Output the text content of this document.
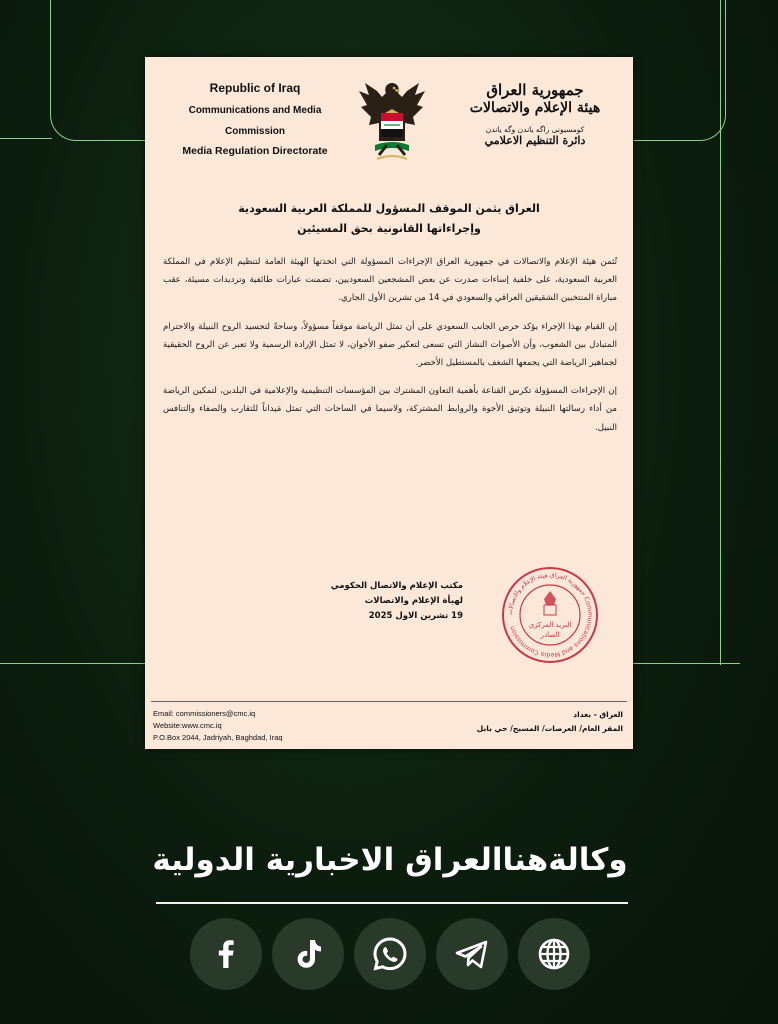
Republic of Iraq
Communications and Media
Commission
Media Regulation Directorate
جمهورية العراق
هيئة الإعلام والاتصالات
كومسيونى راگه ياندن وگه ياندن
دائرة التنظيم الاعلامي
العراق يثمن الموقف المسؤول للمملكة العربية السعودية
وإجراءاتها القانونية بحق المسيئين

تُثمن هيئة الإعلام والاتصالات في جمهورية العراق الإجراءات المسؤولة التي اتخذتها الهيئة العامة لتنظيم الإعلام في المملكة العربية السعودية، على خلفية إساءات صدرت عن بعض المشجعين السعوديين، تضمنت عبارات طائفية وترديدات مسيئة، عقب مباراة المنتخبين الشقيقين العراقي والسعودي في 14 من تشرين الأول الجاري.

إن القيام بهذا الإجراء يؤكد حرص الجانب السعودي على أن تمثل الرياضة موقفاً مسؤولاً، وساحةً لتجسيد الروح النبيلة والاحترام المتبادل بين الشعوب، وأن الأصوات النشاز التي تسعى لتعكير صفو الأخوان، لا تمثل الإرادة الرسمية ولا تعبر عن الروح الحقيقية لجماهير الرياضة التي يجمعها الشغف بالمستطيل الأخضر.

إن الإجراءات المسؤولة تكرس القناعة بأهمية التعاون المشترك بين المؤسسات التنظيمية والإعلامية في البلدين، لتمكين الرياضة من أداء رسالتها النبيلة وتوثيق الأخوة والروابط المشتركة، ولاسيما في الساحات التي تمثل مَيداناً للتقارب والصفاء والتنافس النبيل.

مكتب الإعلام والاتصال الحكومي
لهيأة الإعلام والاتصالات
19 تشرين الاول 2025	جمهورية العراق هيئة الإعلام والاتصالات Communications and Media Commission	البريد المركزي
الصادر
Email: commissioners@cmc.iq
Website:www.cmc.iq
P.O.Box 2044, Jadriyah, Baghdad, Iraq
العراق - بغداد
المقر العام/ العرصات/ المسبح/ حي بابل
وكالةهناالعراق الاخبارية الدولية
